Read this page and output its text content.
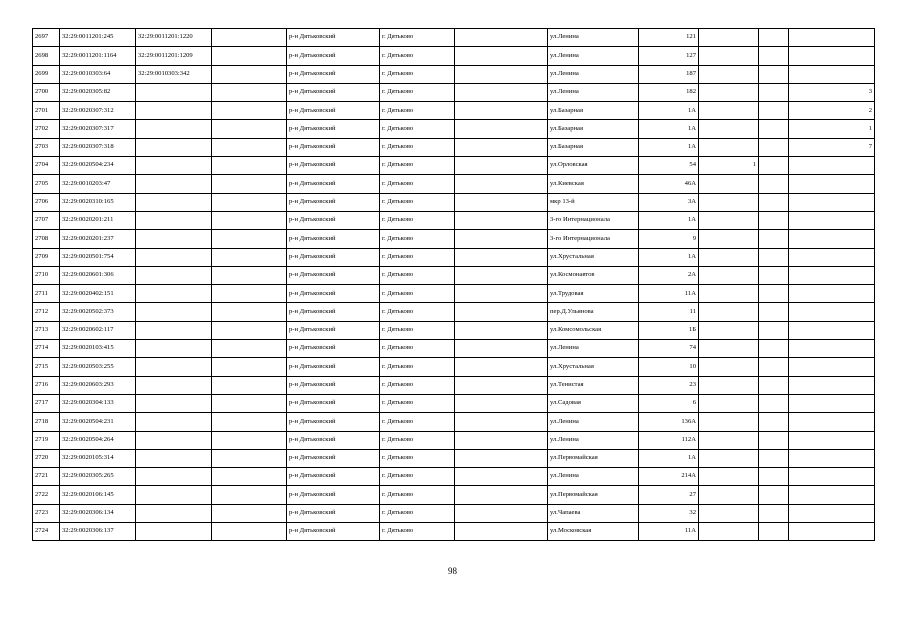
2697	32:29:0011201:245	32:29:0011201:1220		р-н Дятьковский	г. Дятьково		ул.Ленина	121			
2698	32:29:0011201:1164	32:29:0011201:1209		р-н Дятьковский	г. Дятьково		ул.Ленина	127			
2699	32:29:0010303:64	32:29:0010303:342		р-н Дятьковский	г. Дятьково		ул.Ленина	187			
2700	32:29:0020305:82			р-н Дятьковский	г. Дятьково		ул.Ленина	182			3
2701	32:29:0020307:312			р-н Дятьковский	г. Дятьково		ул.Базарная	1А			2
2702	32:29:0020307:317			р-н Дятьковский	г. Дятьково		ул.Базарная	1А			1
2703	32:29:0020307:318			р-н Дятьковский	г. Дятьково		ул.Базарная	1А			7
2704	32:29:0020504:234			р-н Дятьковский	г. Дятьково		ул.Орловская	54	1		
2705	32:29:0010203:47			р-н Дятьковский	г. Дятьково		ул.Киевская	46А			
2706	32:29:0020310:165			р-н Дятьковский	г. Дятьково		мкр 13-й	3А			
2707	32:29:0020201:211			р-н Дятьковский	г. Дятьково		3-го Интернационала	1А			
2708	32:29:0020201:237			р-н Дятьковский	г. Дятьково		3-го Интернационала	9			
2709	32:29:0020501:754			р-н Дятьковский	г. Дятьково		ул.Хрустальная	1А			
2710	32:29:0020601:306			р-н Дятьковский	г. Дятьково		ул.Космонавтов	2А			
2711	32:29:0020402:151			р-н Дятьковский	г. Дятьково		ул.Трудовая	11А			
2712	32:29:0020502:373			р-н Дятьковский	г. Дятьково		пер.Д.Ульянова	11			
2713	32:29:0020602:117			р-н Дятьковский	г. Дятьково		ул.Комсомольская	1Б			
2714	32:29:0020103:415			р-н Дятьковский	г. Дятьково		ул.Ленина	74			
2715	32:29:0020503:255			р-н Дятьковский	г. Дятьково		ул.Хрустальная	10			
2716	32:29:0020603:293			р-н Дятьковский	г. Дятьково		ул.Тенистая	23			
2717	32:29:0020304:133			р-н Дятьковский	г. Дятьково		ул.Садовая	6			
2718	32:29:0020504:231			р-н Дятьковский	г. Дятьково		ул.Ленина	136А			
2719	32:29:0020504:264			р-н Дятьковский	г. Дятьково		ул.Ленина	112А			
2720	32:29:0020105:314			р-н Дятьковский	г. Дятьково		ул.Первомайская	1А			
2721	32:29:0020305:265			р-н Дятьковский	г. Дятьково		ул.Ленина	214А			
2722	32:29:0020106:145			р-н Дятьковский	г. Дятьково		ул.Первомайская	27			
2723	32:29:0020306:134			р-н Дятьковский	г. Дятьково		ул.Чапаева	32			
2724	32:29:0020306:137			р-н Дятьковский	г. Дятьково		ул.Московская	11А			
98
